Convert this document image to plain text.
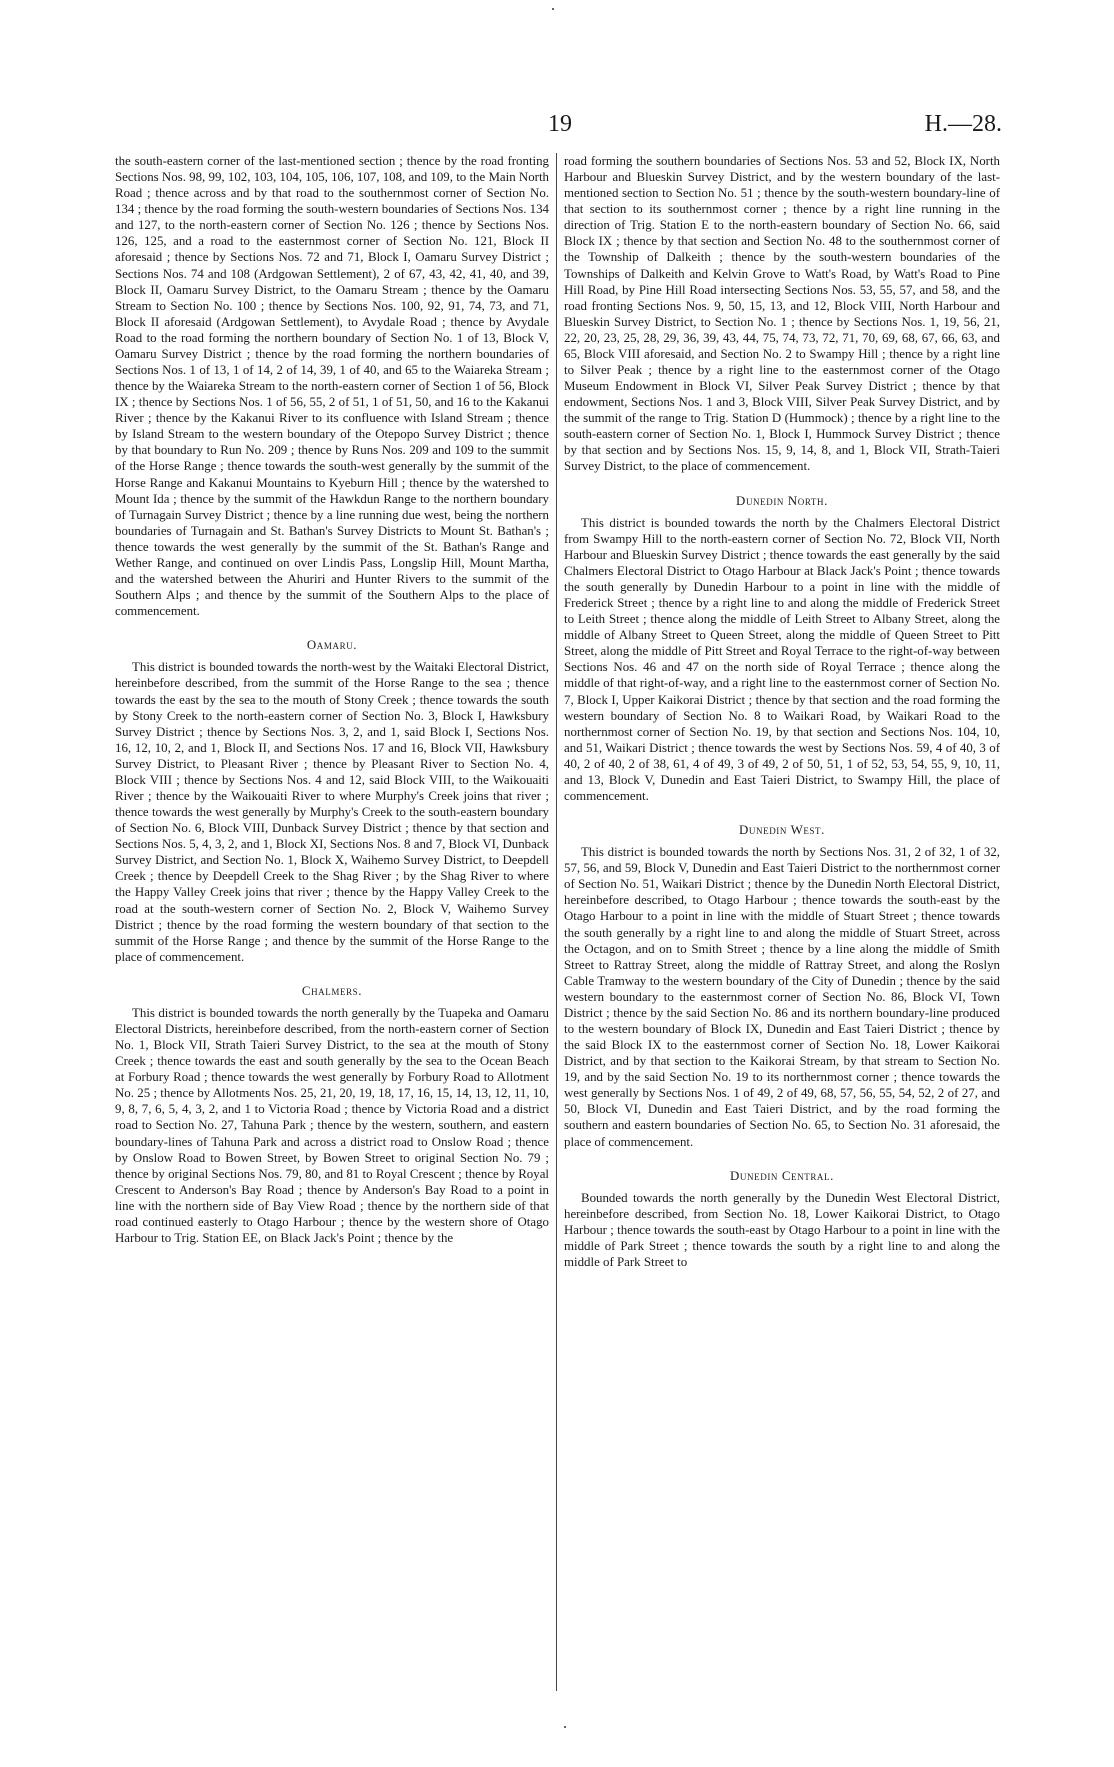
19	H.—28.

the south-eastern corner of the last-mentioned section ; thence by the road fronting Sections Nos. 98, 99, 102, 103, 104, 105, 106, 107, 108, and 109, to the Main North Road ; thence across and by that road to the southernmost corner of Section No. 134 ; thence by the road forming the south-western boundaries of Sections Nos. 134 and 127, to the north-eastern corner of Section No. 126 ; thence by Sections Nos. 126, 125, and a road to the easternmost corner of Section No. 121, Block II aforesaid ; thence by Sections Nos. 72 and 71, Block I, Oamaru Survey District ; Sections Nos. 74 and 108 (Ardgowan Settlement), 2 of 67, 43, 42, 41, 40, and 39, Block II, Oamaru Survey District, to the Oamaru Stream ; thence by the Oamaru Stream to Section No. 100 ; thence by Sections Nos. 100, 92, 91, 74, 73, and 71, Block II aforesaid (Ardgowan Settlement), to Avydale Road ; thence by Avydale Road to the road forming the northern boundary of Section No. 1 of 13, Block V, Oamaru Survey District ; thence by the road forming the northern boundaries of Sections Nos. 1 of 13, 1 of 14, 2 of 14, 39, 1 of 40, and 65 to the Waiareka Stream ; thence by the Waiareka Stream to the north-eastern corner of Section 1 of 56, Block IX ; thence by Sections Nos. 1 of 56, 55, 2 of 51, 1 of 51, 50, and 16 to the Kakanui River ; thence by the Kakanui River to its confluence with Island Stream ; thence by Island Stream to the western boundary of the Otepopo Survey District ; thence by that boundary to Run No. 209 ; thence by Runs Nos. 209 and 109 to the summit of the Horse Range ; thence towards the south-west generally by the summit of the Horse Range and Kakanui Mountains to Kyeburn Hill ; thence by the watershed to Mount Ida ; thence by the summit of the Hawkdun Range to the northern boundary of Turnagain Survey District ; thence by a line running due west, being the northern boundaries of Turnagain and St. Bathan's Survey Districts to Mount St. Bathan's ; thence towards the west generally by the summit of the St. Bathan's Range and Wether Range, and continued on over Lindis Pass, Longslip Hill, Mount Martha, and the watershed between the Ahuriri and Hunter Rivers to the summit of the Southern Alps ; and thence by the summit of the Southern Alps to the place of commencement.

Oamaru.

This district is bounded towards the north-west by the Waitaki Electoral District, hereinbefore described, from the summit of the Horse Range to the sea ; thence towards the east by the sea to the mouth of Stony Creek ; thence towards the south by Stony Creek to the north-eastern corner of Section No. 3, Block I, Hawksbury Survey District ; thence by Sections Nos. 3, 2, and 1, said Block I, Sections Nos. 16, 12, 10, 2, and 1, Block II, and Sections Nos. 17 and 16, Block VII, Hawksbury Survey District, to Pleasant River ; thence by Pleasant River to Section No. 4, Block VIII ; thence by Sections Nos. 4 and 12, said Block VIII, to the Waikouaiti River ; thence by the Waikouaiti River to where Murphy's Creek joins that river ; thence towards the west generally by Murphy's Creek to the south-eastern boundary of Section No. 6, Block VIII, Dunback Survey District ; thence by that section and Sections Nos. 5, 4, 3, 2, and 1, Block XI, Sections Nos. 8 and 7, Block VI, Dunback Survey District, and Section No. 1, Block X, Waihemo Survey District, to Deepdell Creek ; thence by Deepdell Creek to the Shag River ; by the Shag River to where the Happy Valley Creek joins that river ; thence by the Happy Valley Creek to the road at the south-western corner of Section No. 2, Block V, Waihemo Survey District ; thence by the road forming the western boundary of that section to the summit of the Horse Range ; and thence by the summit of the Horse Range to the place of commencement.

Chalmers.

This district is bounded towards the north generally by the Tuapeka and Oamaru Electoral Districts, hereinbefore described, from the north-eastern corner of Section No. 1, Block VII, Strath Taieri Survey District, to the sea at the mouth of Stony Creek ; thence towards the east and south generally by the sea to the Ocean Beach at Forbury Road ; thence towards the west generally by Forbury Road to Allotment No. 25 ; thence by Allotments Nos. 25, 21, 20, 19, 18, 17, 16, 15, 14, 13, 12, 11, 10, 9, 8, 7, 6, 5, 4, 3, 2, and 1 to Victoria Road ; thence by Victoria Road and a district road to Section No. 27, Tahuna Park ; thence by the western, southern, and eastern boundary-lines of Tahuna Park and across a district road to Onslow Road ; thence by Onslow Road to Bowen Street, by Bowen Street to original Section No. 79 ; thence by original Sections Nos. 79, 80, and 81 to Royal Crescent ; thence by Royal Crescent to Anderson's Bay Road ; thence by Anderson's Bay Road to a point in line with the northern side of Bay View Road ; thence by the northern side of that road continued easterly to Otago Harbour ; thence by the western shore of Otago Harbour to Trig. Station EE, on Black Jack's Point ; thence by the

road forming the southern boundaries of Sections Nos. 53 and 52, Block IX, North Harbour and Blueskin Survey District, and by the western boundary of the last-mentioned section to Section No. 51 ; thence by the south-western boundary-line of that section to its southernmost corner ; thence by a right line running in the direction of Trig. Station E to the north-eastern boundary of Section No. 66, said Block IX ; thence by that section and Section No. 48 to the southernmost corner of the Township of Dalkeith ; thence by the south-western boundaries of the Townships of Dalkeith and Kelvin Grove to Watt's Road, by Watt's Road to Pine Hill Road, by Pine Hill Road intersecting Sections Nos. 53, 55, 57, and 58, and the road fronting Sections Nos. 9, 50, 15, 13, and 12, Block VIII, North Harbour and Blueskin Survey District, to Section No. 1 ; thence by Sections Nos. 1, 19, 56, 21, 22, 20, 23, 25, 28, 29, 36, 39, 43, 44, 75, 74, 73, 72, 71, 70, 69, 68, 67, 66, 63, and 65, Block VIII aforesaid, and Section No. 2 to Swampy Hill ; thence by a right line to Silver Peak ; thence by a right line to the easternmost corner of the Otago Museum Endowment in Block VI, Silver Peak Survey District ; thence by that endowment, Sections Nos. 1 and 3, Block VIII, Silver Peak Survey District, and by the summit of the range to Trig. Station D (Hummock) ; thence by a right line to the south-eastern corner of Section No. 1, Block I, Hummock Survey District ; thence by that section and by Sections Nos. 15, 9, 14, 8, and 1, Block VII, Strath-Taieri Survey District, to the place of commencement.

Dunedin North.

This district is bounded towards the north by the Chalmers Electoral District from Swampy Hill to the north-eastern corner of Section No. 72, Block VII, North Harbour and Blueskin Survey District ; thence towards the east generally by the said Chalmers Electoral District to Otago Harbour at Black Jack's Point ; thence towards the south generally by Dunedin Harbour to a point in line with the middle of Frederick Street ; thence by a right line to and along the middle of Frederick Street to Leith Street ; thence along the middle of Leith Street to Albany Street, along the middle of Albany Street to Queen Street, along the middle of Queen Street to Pitt Street, along the middle of Pitt Street and Royal Terrace to the right-of-way between Sections Nos. 46 and 47 on the north side of Royal Terrace ; thence along the middle of that right-of-way, and a right line to the easternmost corner of Section No. 7, Block I, Upper Kaikorai District ; thence by that section and the road forming the western boundary of Section No. 8 to Waikari Road, by Waikari Road to the northernmost corner of Section No. 19, by that section and Sections Nos. 104, 10, and 51, Waikari District ; thence towards the west by Sections Nos. 59, 4 of 40, 3 of 40, 2 of 40, 2 of 38, 61, 4 of 49, 3 of 49, 2 of 50, 51, 1 of 52, 53, 54, 55, 9, 10, 11, and 13, Block V, Dunedin and East Taieri District, to Swampy Hill, the place of commencement.

Dunedin West.

This district is bounded towards the north by Sections Nos. 31, 2 of 32, 1 of 32, 57, 56, and 59, Block V, Dunedin and East Taieri District to the northernmost corner of Section No. 51, Waikari District ; thence by the Dunedin North Electoral District, hereinbefore described, to Otago Harbour ; thence towards the south-east by the Otago Harbour to a point in line with the middle of Stuart Street ; thence towards the south generally by a right line to and along the middle of Stuart Street, across the Octagon, and on to Smith Street ; thence by a line along the middle of Smith Street to Rattray Street, along the middle of Rattray Street, and along the Roslyn Cable Tramway to the western boundary of the City of Dunedin ; thence by the said western boundary to the easternmost corner of Section No. 86, Block VI, Town District ; thence by the said Section No. 86 and its northern boundary-line produced to the western boundary of Block IX, Dunedin and East Taieri District ; thence by the said Block IX to the easternmost corner of Section No. 18, Lower Kaikorai District, and by that section to the Kaikorai Stream, by that stream to Section No. 19, and by the said Section No. 19 to its northernmost corner ; thence towards the west generally by Sections Nos. 1 of 49, 2 of 49, 68, 57, 56, 55, 54, 52, 2 of 27, and 50, Block VI, Dunedin and East Taieri District, and by the road forming the southern and eastern boundaries of Section No. 65, to Section No. 31 aforesaid, the place of commencement.

Dunedin Central.

Bounded towards the north generally by the Dunedin West Electoral District, hereinbefore described, from Section No. 18, Lower Kaikorai District, to Otago Harbour ; thence towards the south-east by Otago Harbour to a point in line with the middle of Park Street ; thence towards the south by a right line to and along the middle of Park Street to
